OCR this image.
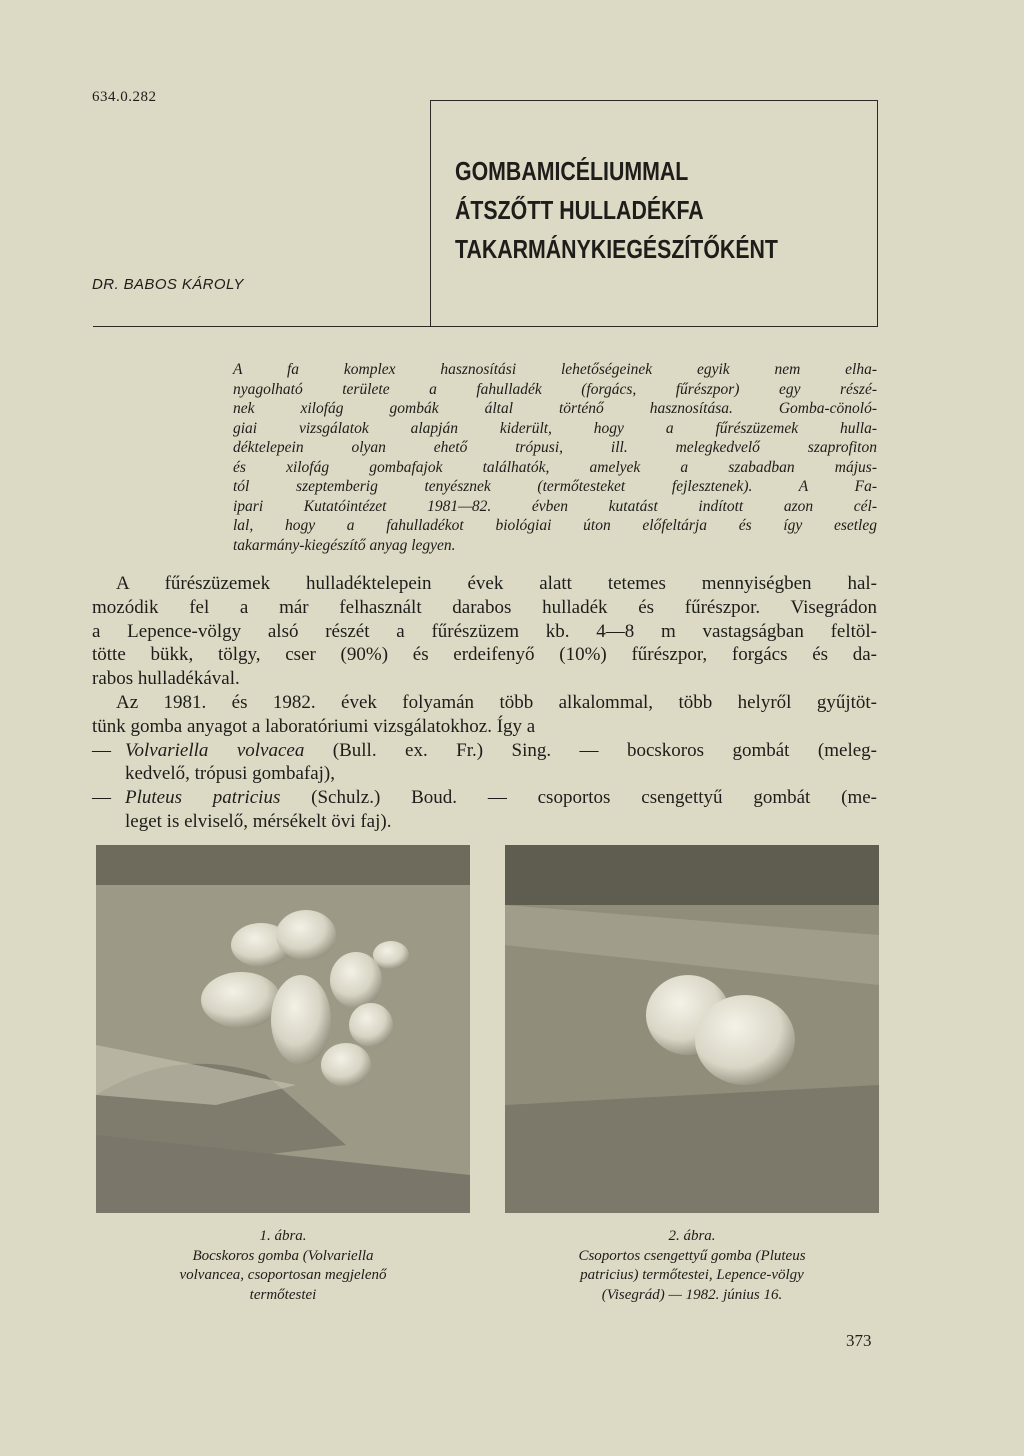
634.0.282
GOMBAMICÉLIUMMAL
ÁTSZŐTT HULLADÉKFA
TAKARMÁNYKIEGÉSZÍTŐKÉNT
DR. BABOS KÁROLY
A fa komplex hasznosítási lehetőségeinek egyik nem elha-
nyagolható területe a fahulladék (forgács, fűrészpor) egy részé-
nek xilofág gombák által történő hasznosítása. Gomba-cönoló-
giai vizsgálatok alapján kiderült, hogy a fűrészüzemek hulla-
déktelepein olyan ehető trópusi, ill. melegkedvelő szaprofiton
és xilofág gombafajok találhatók, amelyek a szabadban május-
tól szeptemberig tenyésznek (termőtesteket fejlesztenek). A Fa-
ipari Kutatóintézet 1981—82. évben kutatást indított azon cél-
lal, hogy a fahulladékot biológiai úton előfeltárja és így esetleg
takarmány-kiegészítő anyag legyen.
A fűrészüzemek hulladéktelepein évek alatt tetemes mennyiségben hal-
mozódik fel a már felhasznált darabos hulladék és fűrészpor. Visegrádon
a Lepence-völgy alsó részét a fűrészüzem kb. 4—8 m vastagságban feltöl-
tötte bükk, tölgy, cser (90%) és erdeifenyő (10%) fűrészpor, forgács és da-
rabos hulladékával.
Az 1981. és 1982. évek folyamán több alkalommal, több helyről gyűjtöt-
tünk gomba anyagot a laboratóriumi vizsgálatokhoz. Így a
— Volvariella volvacea (Bull. ex. Fr.) Sing. — bocskoros gombát (meleg-
kedvelő, trópusi gombafaj),
— Pluteus patricius (Schulz.) Boud. — csoportos csengettyű gombát (me-
leget is elviselő, mérsékelt övi faj).
1. ábra.
Bocskoros gomba (Volvariella
volvancea, csoportosan megjelenő
termőtestei
2. ábra.
Csoportos csengettyű gomba (Pluteus
patricius) termőtestei, Lepence-völgy
(Visegrád) — 1982. június 16.
373
